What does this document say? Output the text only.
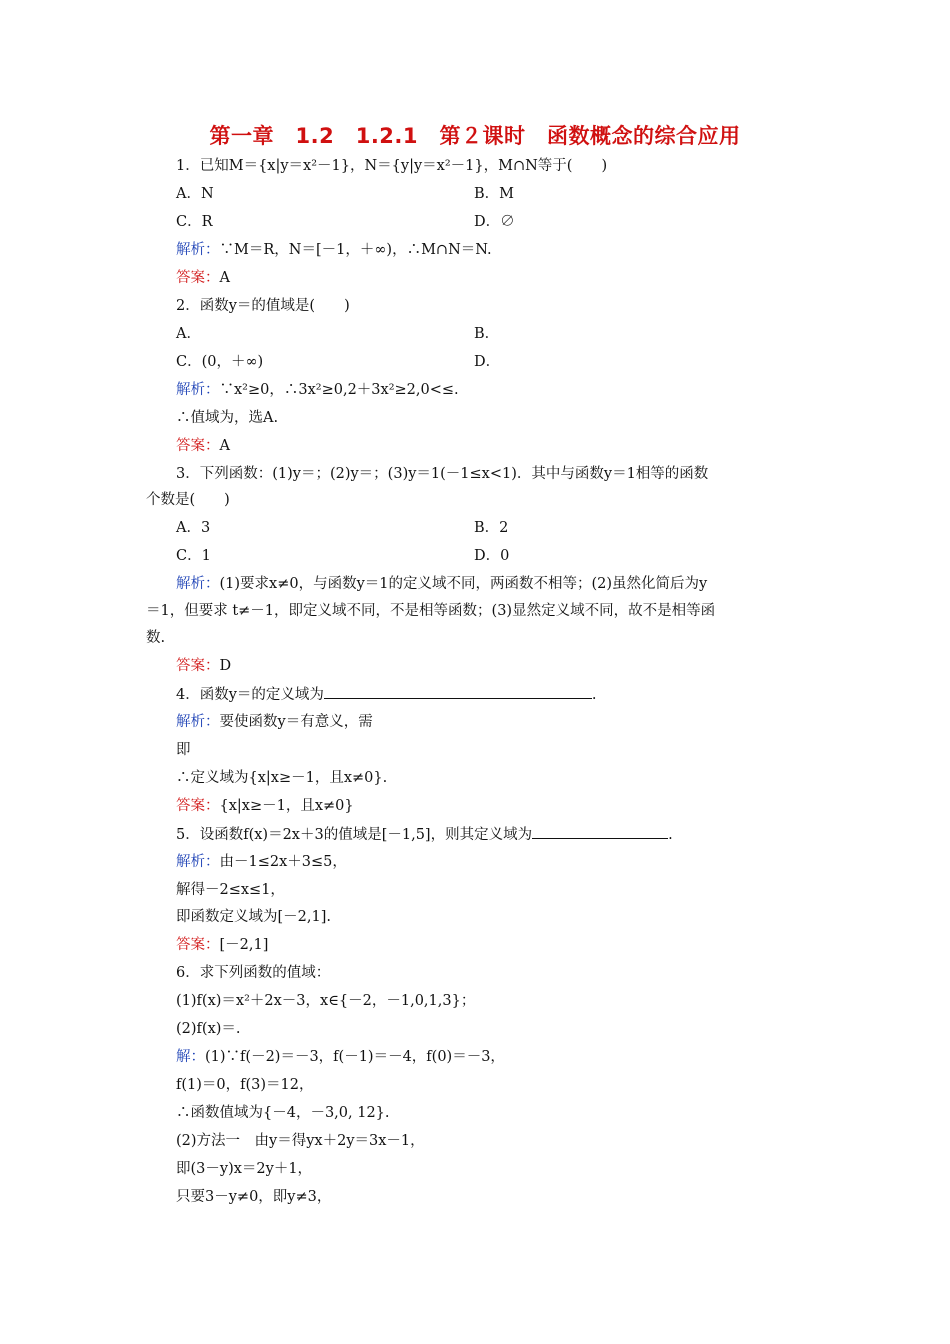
第一章　1.2　1.2.1　第２课时　函数概念的综合应用
1．已知M＝{x|y＝x²－1}，N＝{y|y＝x²－1}，M∩N等于(　　)
A．N	B．M
C．R	D．∅
解析：∵M＝R，N＝[－1，＋∞)，∴M∩N＝N.
答案：A
2．函数y＝的值域是(　　)
A．	B．
C．(0，＋∞)	D．
解析：∵x²≥0，∴3x²≥0,2＋3x²≥2,0<≤.
∴值域为，选A.
答案：A
3．下列函数：(1)y＝；(2)y＝；(3)y＝1(－1≤x<1)．其中与函数y＝1相等的函数
个数是(　　)
A．3	B．2
C．1	D．0
解析：(1)要求x≠0，与函数y＝1的定义域不同，两函数不相等；(2)虽然化简后为y
＝1，但要求 t≠－1，即定义域不同，不是相等函数；(3)显然定义域不同，故不是相等函
数.
答案：D
4．函数y＝的定义域为	.
解析：要使函数y＝有意义，需
即
∴定义域为{x|x≥－1，且x≠0}.
答案：{x|x≥－1，且x≠0}
5．设函数f(x)＝2x＋3的值域是[－1,5]，则其定义域为	.
解析：由－1≤2x＋3≤5，
解得－2≤x≤1，
即函数定义域为[－2,1].
答案：[－2,1]
6．求下列函数的值域：
(1)f(x)＝x²＋2x－3，x∈{－2，－1,0,1,3}；
(2)f(x)＝.
解：(1)∵f(－2)＝－3，f(－1)＝－4，f(0)＝－3，
f(1)＝0，f(3)＝12，
∴函数值域为{－4，－3,0, 12}.
(2)方法一　由y＝得yx＋2y＝3x－1，
即(3－y)x＝2y＋1，
只要3－y≠0，即y≠3，
